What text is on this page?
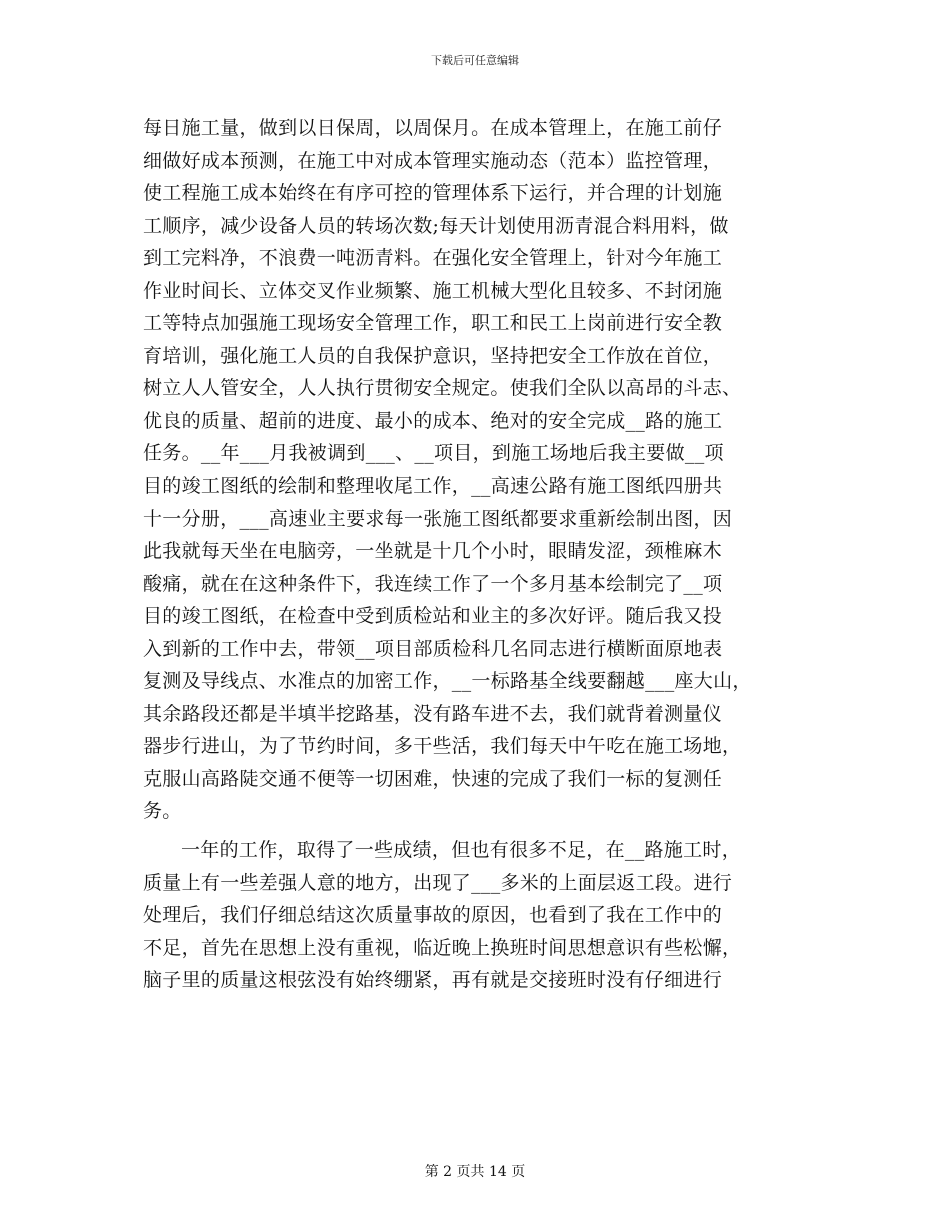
下载后可任意编辑
每日施工量，做到以日保周，以周保月。在成本管理上，在施工前仔
细做好成本预测，在施工中对成本管理实施动态（范本）监控管理，
使工程施工成本始终在有序可控的管理体系下运行，并合理的计划施
工顺序，减少设备人员的转场次数;每天计划使用沥青混合料用料，做
到工完料净，不浪费一吨沥青料。在强化安全管理上，针对今年施工
作业时间长、立体交叉作业频繁、施工机械大型化且较多、不封闭施
工等特点加强施工现场安全管理工作，职工和民工上岗前进行安全教
育培训，强化施工人员的自我保护意识，坚持把安全工作放在首位，
树立人人管安全，人人执行贯彻安全规定。使我们全队以高昂的斗志、
优良的质量、超前的进度、最小的成本、绝对的安全完成__路的施工
任务。__年___月我被调到___、__项目，到施工场地后我主要做__项
目的竣工图纸的绘制和整理收尾工作，__高速公路有施工图纸四册共
十一分册，___高速业主要求每一张施工图纸都要求重新绘制出图，因
此我就每天坐在电脑旁，一坐就是十几个小时，眼睛发涩，颈椎麻木
酸痛，就在在这种条件下，我连续工作了一个多月基本绘制完了__项
目的竣工图纸，在检查中受到质检站和业主的多次好评。随后我又投
入到新的工作中去，带领__项目部质检科几名同志进行横断面原地表
复测及导线点、水准点的加密工作，__一标路基全线要翻越___座大山，
其余路段还都是半填半挖路基，没有路车进不去，我们就背着测量仪
器步行进山，为了节约时间，多干些活，我们每天中午吃在施工场地，
克服山高路陡交通不便等一切困难，快速的完成了我们一标的复测任
务。
一年的工作，取得了一些成绩，但也有很多不足，在__路施工时，
质量上有一些差强人意的地方，出现了___多米的上面层返工段。进行
处理后，我们仔细总结这次质量事故的原因，也看到了我在工作中的
不足，首先在思想上没有重视，临近晚上换班时间思想意识有些松懈，
脑子里的质量这根弦没有始终绷紧，再有就是交接班时没有仔细进行
第 2 页共 14 页
